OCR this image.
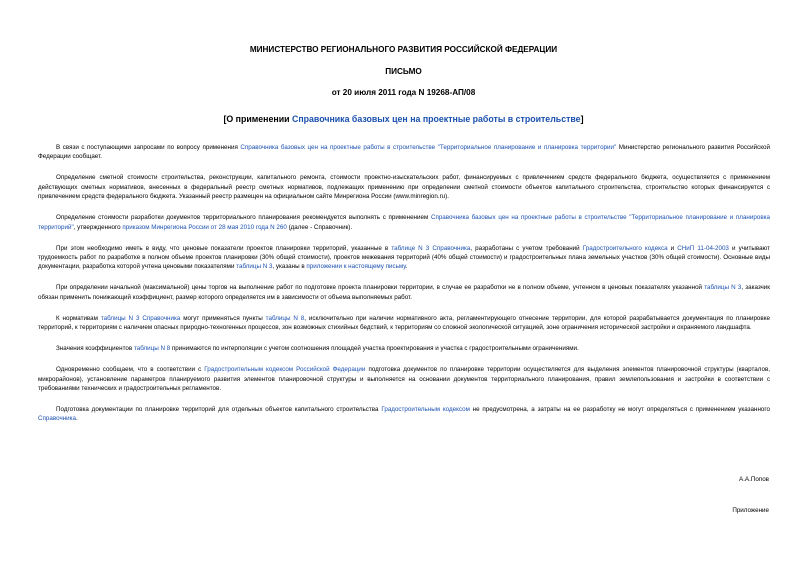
МИНИСТЕРСТВО РЕГИОНАЛЬНОГО РАЗВИТИЯ РОССИЙСКОЙ ФЕДЕРАЦИИ

ПИСЬМО

от 20 июля 2011 года N 19268-АП/08

[О применении Справочника базовых цен на проектные работы в строительстве]

В связи с поступающими запросами по вопросу применения Справочника базовых цен на проектные работы в строительстве "Территориальное планирование и планировка территории" Министерство регионального развития Российской Федерации сообщает.

Определение сметной стоимости строительства, реконструкции, капитального ремонта, стоимости проектно-изыскательских работ, финансируемых с привлечением средств федерального бюджета, осуществляется с применением действующих сметных нормативов, внесенных в федеральный реестр сметных нормативов, подлежащих применению при определении сметной стоимости объектов капитального строительства, строительство которых финансируется с привлечением средств федерального бюджета. Указанный реестр размещен на официальном сайте Минрегиона России (www.minregion.ru).

Определение стоимости разработки документов территориального планирования рекомендуется выполнять с применением Справочника базовых цен на проектные работы в строительстве "Территориальное планирование и планировка территорий", утвержденного приказом Минрегиона России от 28 мая 2010 года N 260 (далее - Справочник).

При этом необходимо иметь в виду, что ценовые показатели проектов планировки территорий, указанные в таблице N 3 Справочника, разработаны с учетом требований Градостроительного кодекса и СНиП 11-04-2003 и учитывают трудоемкость работ по разработке в полном объеме проектов планировки (30% общей стоимости), проектов межевания территорий (40% общей стоимости) и градостроительных плана земельных участков (30% общей стоимости). Основные виды документации, разработка которой учтена ценовыми показателями таблицы N 3, указаны в приложении к настоящему письму.

При определении начальной (максимальной) цены торгов на выполнение работ по подготовке проекта планировки территории, в случае ее разработки не в полном объеме, учтенном в ценовых показателях указанной таблицы N 3, заказчик обязан применить понижающий коэффициент, размер которого определяется им в зависимости от объема выполняемых работ.

К нормативам таблицы N 3 Справочника могут применяться пункты таблицы N 8, исключительно при наличии нормативного акта, регламентирующего отнесение территории, для которой разрабатывается документация по планировке территорий, к территориям с наличием опасных природно-техногенных процессов, зон возможных стихийных бедствий, к территориям со сложной экологической ситуацией, зоне ограничения исторической застройки и охраняемого ландшафта.

Значения коэффициентов таблицы N 8 принимаются по интерполяции с учетом соотношения площадей участка проектирования и участка с градостроительными ограничениями.

Одновременно сообщаем, что в соответствии с Градостроительным кодексом Российской Федерации подготовка документов по планировке территории осуществляется для выделения элементов планировочной структуры (кварталов, микрорайонов), установление параметров планируемого развития элементов планировочной структуры и выполняется на основании документов территориального планирования, правил землепользования и застройки в соответствии с требованиями технических и градостроительных регламентов.

Подготовка документации по планировке территорий для отдельных объектов капитального строительства Градостроительным кодексом не предусмотрена, а затраты на ее разработку не могут определяться с применением указанного Справочника.

А.А.Попов
Приложение
